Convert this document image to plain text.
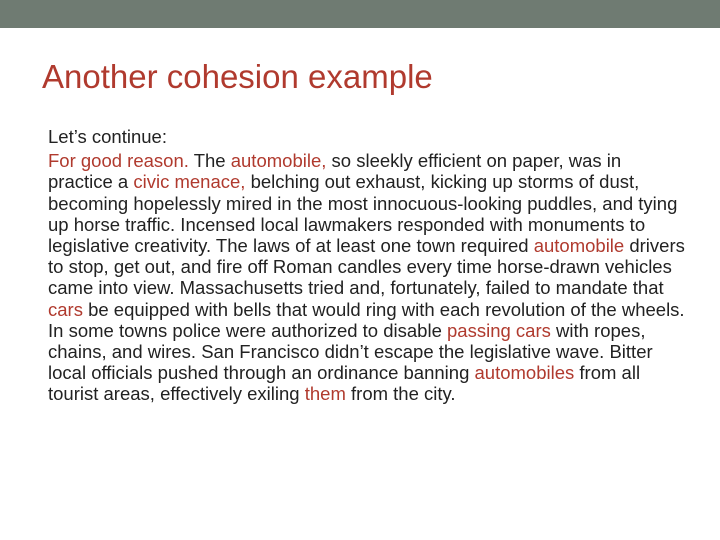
Another cohesion example
Let’s continue:
For good reason. The automobile, so sleekly efficient on paper, was in practice a civic menace, belching out exhaust, kicking up storms of dust, becoming hopelessly mired in the most innocuous-looking puddles, and tying up horse traffic. Incensed local lawmakers responded with monuments to legislative creativity. The laws of at least one town required automobile drivers to stop, get out, and fire off Roman candles every time horse-drawn vehicles came into view. Massachusetts tried and, fortunately, failed to mandate that cars be equipped with bells that would ring with each revolution of the wheels. In some towns police were authorized to disable passing cars with ropes, chains, and wires. San Francisco didn’t escape the legislative wave. Bitter local officials pushed through an ordinance banning automobiles from all tourist areas, effectively exiling them from the city.
